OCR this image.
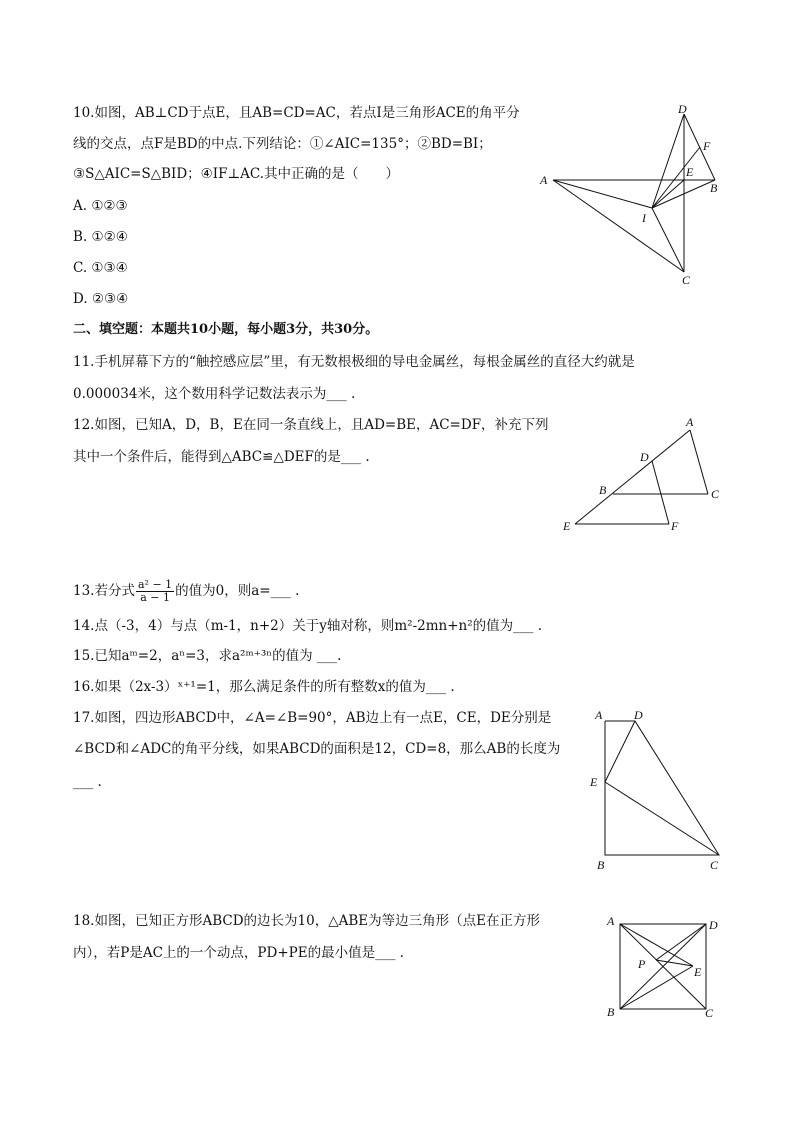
10.如图，AB⊥CD于点E，且AB=CD=AC，若点I是三角形ACE的角平分
线的交点，点F是BD的中点.下列结论：①∠AIC=135°；②BD=BI；
③S△AIC=S△BID；④IF⊥AC.其中正确的是（　　）
A. ①②③
B. ①②④
C. ①③④
D. ②③④
D
F
E
B
A
I
C
二、填空题：本题共10小题，每小题3分，共30分。
11.手机屏幕下方的“触控感应层”里，有无数根极细的导电金属丝，每根金属丝的直径大约就是
0.000034米，这个数用科学记数法表示为___ .
12.如图，已知A，D，B，E在同一条直线上，且AD=BE，AC=DF，补充下列
其中一个条件后，能得到△ABC≌△DEF的是___ .
A
D
B	C
E	F
13.若分式 $\frac{\text{a² − 1}}{a - 1}$ 的值为0，则a=___ .
14.点（-3，4）与点（m-1，n+2）关于y轴对称，则m²-2mn+n²的值为___ .
15.已知aᵐ=2，aⁿ=3，求a²ᵐ⁺³ⁿ的值为 ___.
16.如果（2x-3）ˣ⁺¹=1，那么满足条件的所有整数x的值为___ .
17.如图，四边形ABCD中，∠A=∠B=90°，AB边上有一点E，CE，DE分别是
∠BCD和∠ADC的角平分线，如果ABCD的面积是12，CD=8，那么AB的长度为
___ .
A	D
E
B	C
18.如图，已知正方形ABCD的边长为10，△ABE为等边三角形（点E在正方形
内），若P是AC上的一个动点，PD+PE的最小值是___ .
A	D
P
E
B	C
